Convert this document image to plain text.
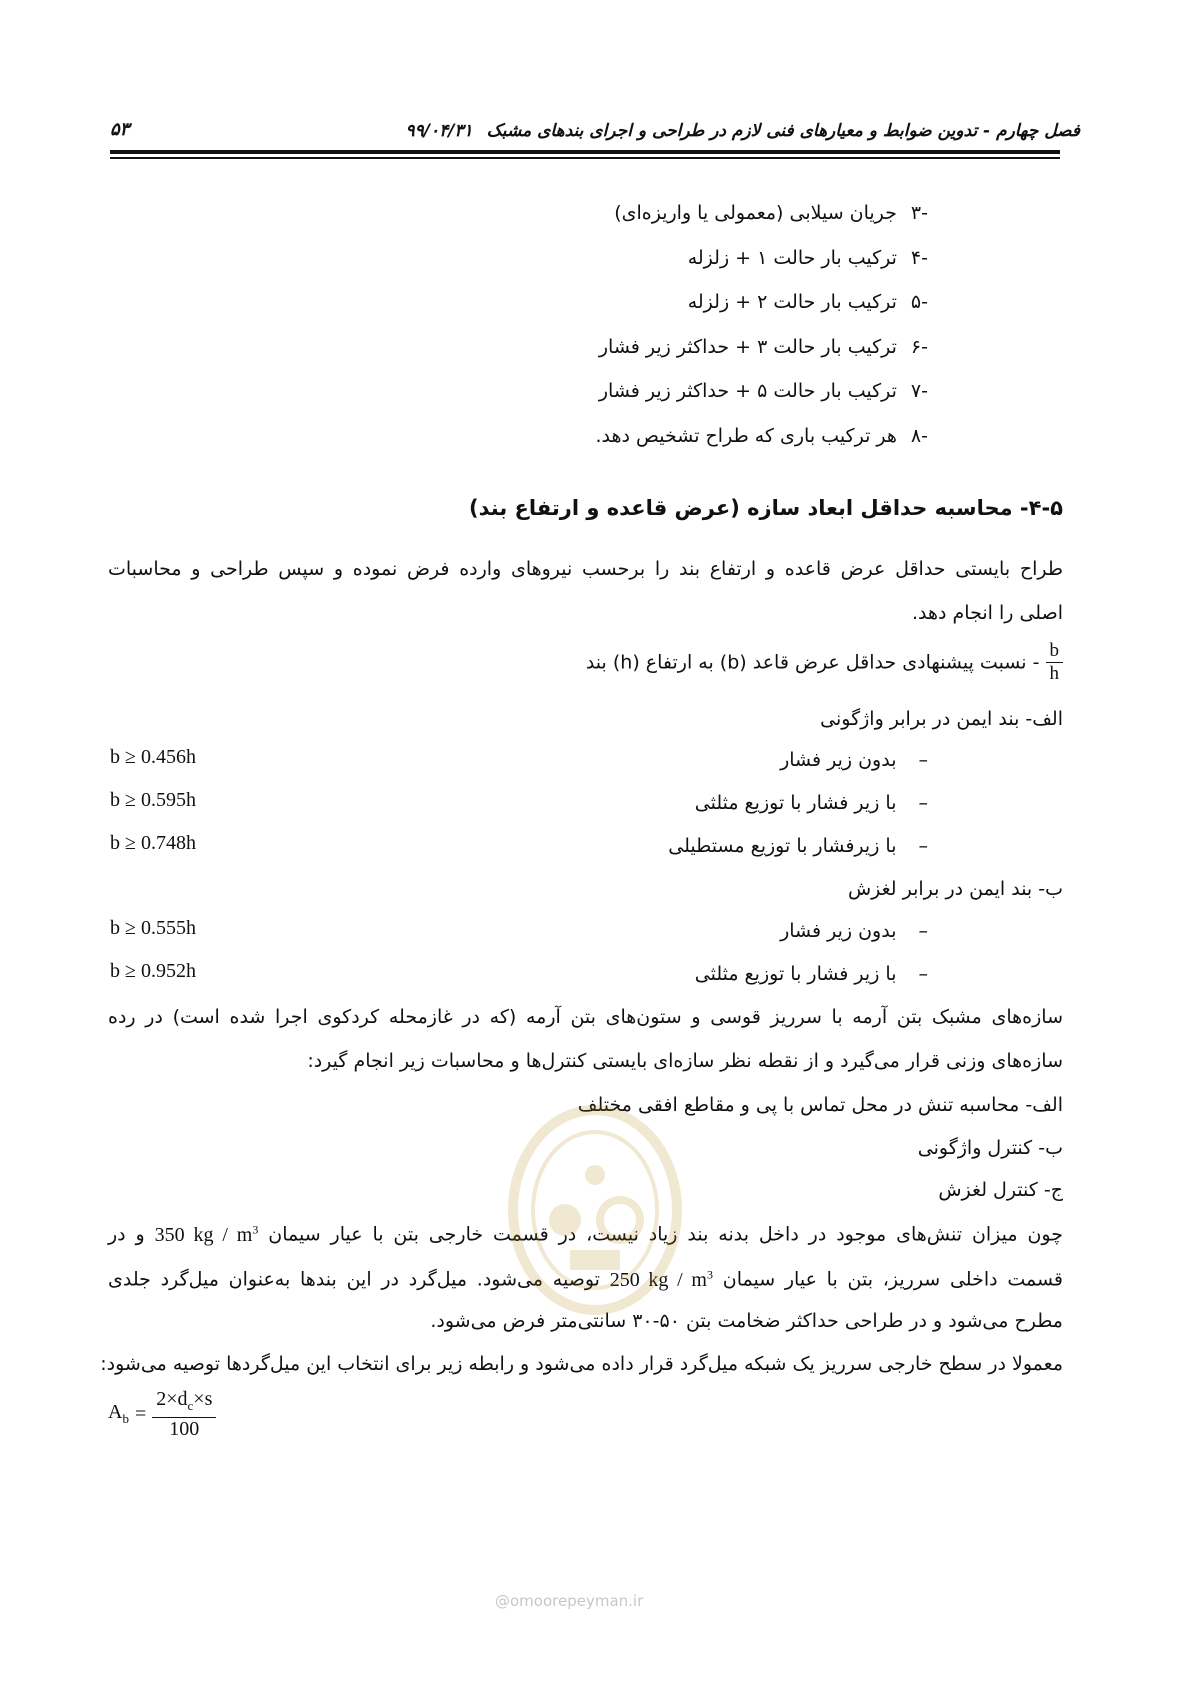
فصل چهارم - تدوین ضوابط و معیارهای فنی لازم در طراحی و اجرای بندهای مشبک ۹۹/۰۴/۳۱
۵۳
-۳جریان سیلابی (معمولی یا واریزه‌ای)
-۴ترکیب بار حالت ۱ + زلزله
-۵ترکیب بار حالت ۲ + زلزله
-۶ترکیب بار حالت ۳ + حداکثر زیر فشار
-۷ترکیب بار حالت ۵ + حداکثر زیر فشار
-۸هر ترکیب باری که طراح تشخیص دهد.
۴-۵- محاسبه حداقل ابعاد سازه (عرض قاعده و ارتفاع بند)
طراح بایستی حداقل عرض قاعده و ارتفاع بند را برحسب نیروهای وارده فرض نموده و سپس طراحی و محاسبات
اصلی را انجام دهد.
$\frac{b}{h}$
- نسبت پیشنهادی حداقل عرض قاعد (b) به ارتفاع (h) بند
الف- بند ایمن در برابر واژگونی
–بدون زیر فشار
b ≥ 0.456h
–با زیر فشار با توزیع مثلثی
b ≥ 0.595h
–با زیرفشار با توزیع مستطیلی
b ≥ 0.748h
ب- بند ایمن در برابر لغزش
–بدون زیر فشار
b ≥ 0.555h
–با زیر فشار با توزیع مثلثی
b ≥ 0.952h
سازه‌های مشبک بتن آرمه با سرریز قوسی و ستون‌های بتن آرمه (که در غازمحله کردکوی اجرا شده است) در رده
سازه‌های وزنی قرار می‌گیرد و از نقطه نظر سازه‌ای بایستی کنترل‌ها و محاسبات زیر انجام گیرد:
الف- محاسبه تنش در محل تماس با پی و مقاطع افقی مختلف
ب- کنترل واژگونی
ج- کنترل لغزش
چون میزان تنش‌های موجود در داخل بدنه بند زیاد نیست، در قسمت خارجی بتن با عیار سیمان 350 kg / $m^3$ و در
قسمت داخلی سرریز، بتن با عیار سیمان 250 kg / $m^3$ توصیه می‌شود. میل‌گرد در این بندها به‌عنوان میل‌گرد جلدی
مطرح می‌شود و در طراحی حداکثر ضخامت بتن ۵۰-۳۰ سانتی‌متر فرض می‌شود.
معمولا در سطح خارجی سرریز یک شبکه میل‌گرد قرار داده می‌شود و رابطه زیر برای انتخاب این میل‌گردها توصیه می‌شود:
$A_b = \frac{2\times d_c\times s}{100}$
@omoorepeyman.ir
